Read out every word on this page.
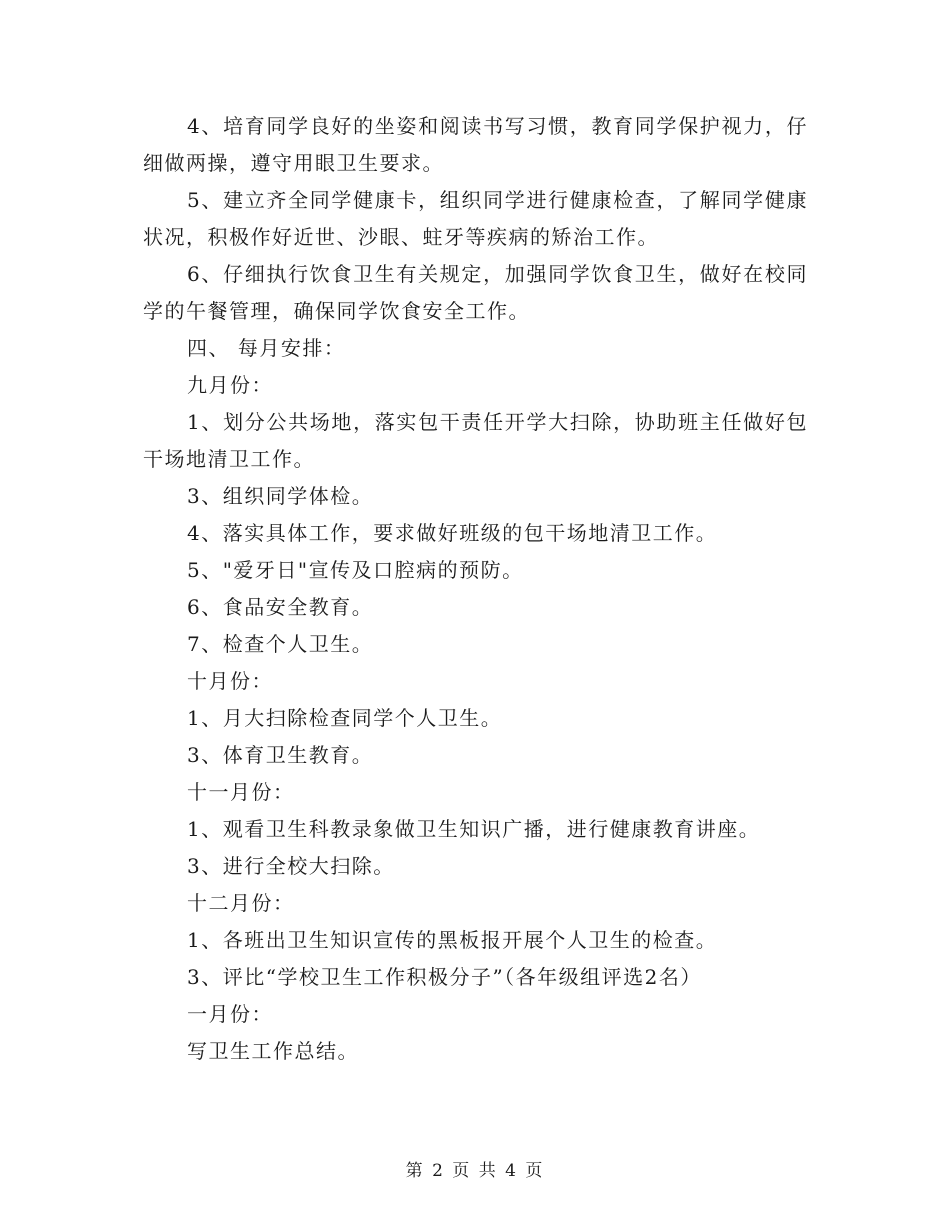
4、培育同学良好的坐姿和阅读书写习惯，教育同学保护视力，仔细做两操，遵守用眼卫生要求。

5、建立齐全同学健康卡，组织同学进行健康检查，了解同学健康状况，积极作好近世、沙眼、蛀牙等疾病的矫治工作。

6、仔细执行饮食卫生有关规定，加强同学饮食卫生，做好在校同学的午餐管理，确保同学饮食安全工作。

四、 每月安排：

九月份：

1、划分公共场地，落实包干责任开学大扫除，协助班主任做好包干场地清卫工作。

3、组织同学体检。

4、落实具体工作，要求做好班级的包干场地清卫工作。

5、"爱牙日"宣传及口腔病的预防。

6、食品安全教育。

7、检查个人卫生。

十月份：

1、月大扫除检查同学个人卫生。

3、体育卫生教育。

十一月份：

1、观看卫生科教录象做卫生知识广播，进行健康教育讲座。

3、进行全校大扫除。

十二月份：

1、各班出卫生知识宣传的黑板报开展个人卫生的检查。

3、评比“学校卫生工作积极分子”（各年级组评选2名）

一月份：

写卫生工作总结。

第 2 页 共 4 页
